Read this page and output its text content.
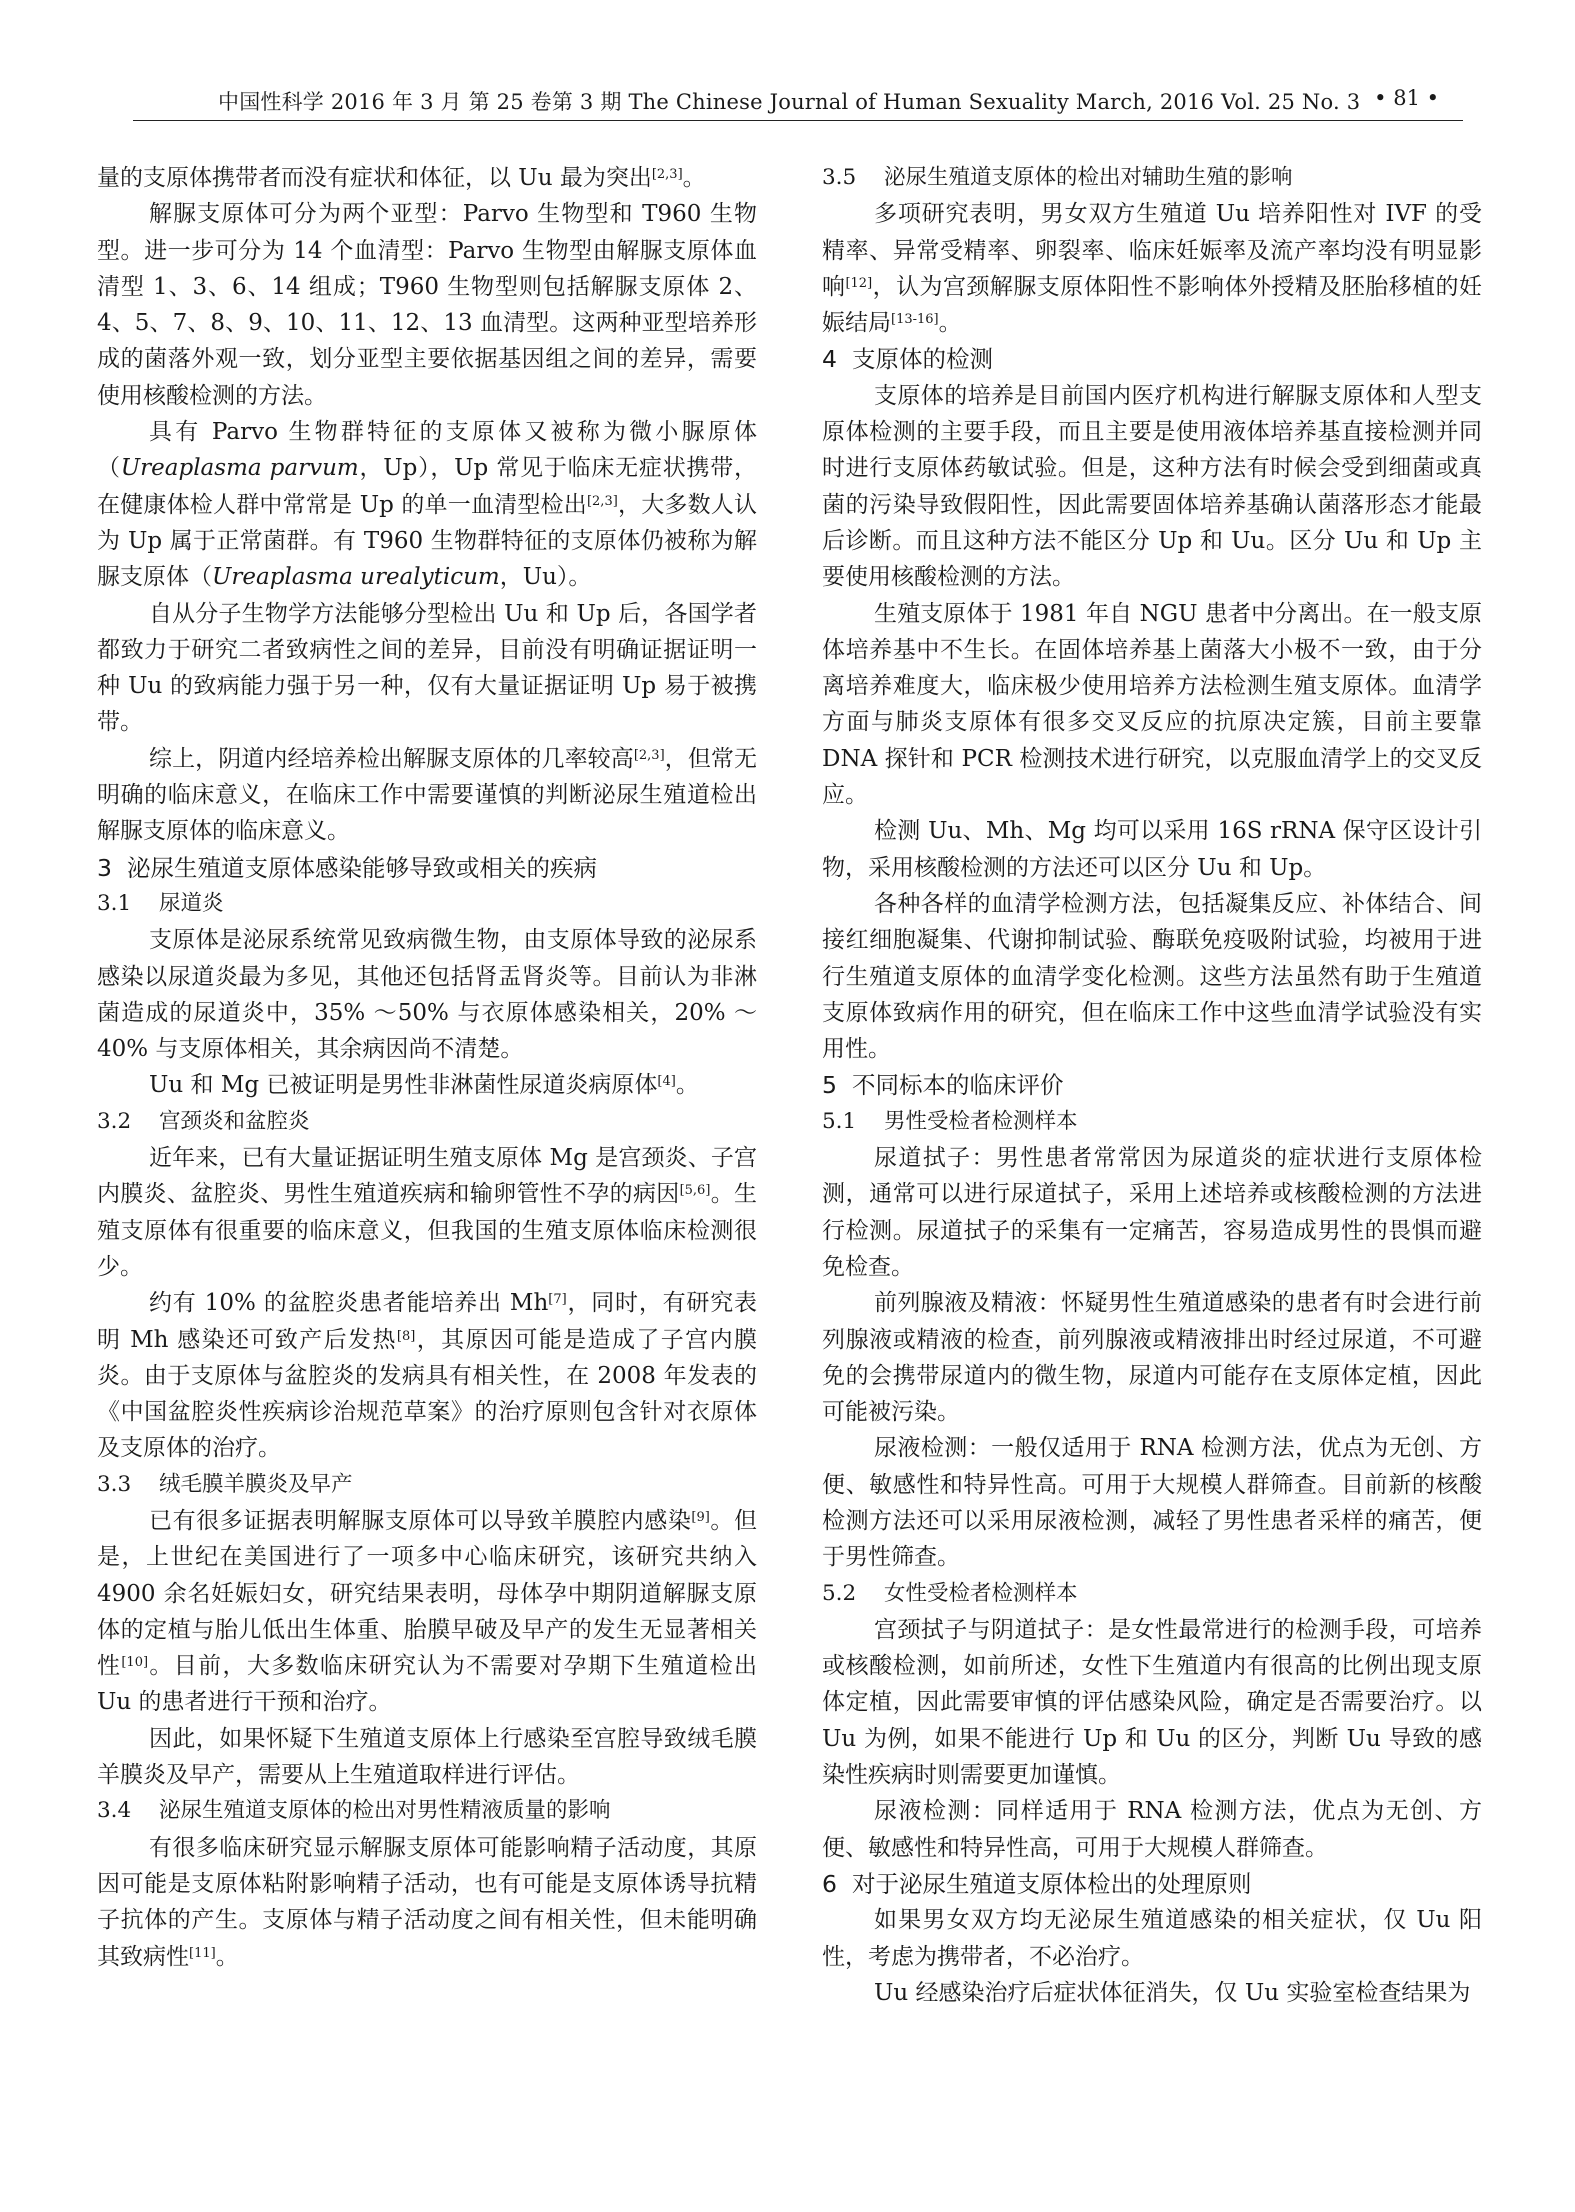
中国性科学 2016 年 3 月 第 25 卷第 3 期 The Chinese Journal of Human Sexuality March, 2016 Vol. 25 No. 3 • 81 •

量的支原体携带者而没有症状和体征，以 Uu 最为突出[2,3]。

解脲支原体可分为两个亚型：Parvo 生物型和 T960 生物型。进一步可分为 14 个血清型：Parvo 生物型由解脲支原体血清型 1、3、6、14 组成；T960 生物型则包括解脲支原体 2、4、5、7、8、9、10、11、12、13 血清型。这两种亚型培养形成的菌落外观一致，划分亚型主要依据基因组之间的差异，需要使用核酸检测的方法。

具有 Parvo 生物群特征的支原体又被称为微小脲原体（Ureaplasma parvum，Up），Up 常见于临床无症状携带，在健康体检人群中常常是 Up 的单一血清型检出[2,3]，大多数人认为 Up 属于正常菌群。有 T960 生物群特征的支原体仍被称为解脲支原体（Ureaplasma urealyticum，Uu）。

自从分子生物学方法能够分型检出 Uu 和 Up 后，各国学者都致力于研究二者致病性之间的差异，目前没有明确证据证明一种 Uu 的致病能力强于另一种，仅有大量证据证明 Up 易于被携带。

综上，阴道内经培养检出解脲支原体的几率较高[2,3]，但常无明确的临床意义，在临床工作中需要谨慎的判断泌尿生殖道检出解脲支原体的临床意义。

3 泌尿生殖道支原体感染能够导致或相关的疾病
3.1 尿道炎

支原体是泌尿系统常见致病微生物，由支原体导致的泌尿系感染以尿道炎最为多见，其他还包括肾盂肾炎等。目前认为非淋菌造成的尿道炎中，35% ～50% 与衣原体感染相关，20% ～40% 与支原体相关，其余病因尚不清楚。

Uu 和 Mg 已被证明是男性非淋菌性尿道炎病原体[4]。

3.2 宫颈炎和盆腔炎

近年来，已有大量证据证明生殖支原体 Mg 是宫颈炎、子宫内膜炎、盆腔炎、男性生殖道疾病和输卵管性不孕的病因[5,6]。生殖支原体有很重要的临床意义，但我国的生殖支原体临床检测很少。

约有 10% 的盆腔炎患者能培养出 Mh[7]，同时，有研究表明 Mh 感染还可致产后发热[8]，其原因可能是造成了子宫内膜炎。由于支原体与盆腔炎的发病具有相关性，在 2008 年发表的《中国盆腔炎性疾病诊治规范草案》的治疗原则包含针对衣原体及支原体的治疗。

3.3 绒毛膜羊膜炎及早产

已有很多证据表明解脲支原体可以导致羊膜腔内感染[9]。但是，上世纪在美国进行了一项多中心临床研究，该研究共纳入 4900 余名妊娠妇女，研究结果表明，母体孕中期阴道解脲支原体的定植与胎儿低出生体重、胎膜早破及早产的发生无显著相关性[10]。目前，大多数临床研究认为不需要对孕期下生殖道检出 Uu 的患者进行干预和治疗。

因此，如果怀疑下生殖道支原体上行感染至宫腔导致绒毛膜羊膜炎及早产，需要从上生殖道取样进行评估。

3.4 泌尿生殖道支原体的检出对男性精液质量的影响

有很多临床研究显示解脲支原体可能影响精子活动度，其原因可能是支原体粘附影响精子活动，也有可能是支原体诱导抗精子抗体的产生。支原体与精子活动度之间有相关性，但未能明确其致病性[11]。

3.5 泌尿生殖道支原体的检出对辅助生殖的影响

多项研究表明，男女双方生殖道 Uu 培养阳性对 IVF 的受精率、异常受精率、卵裂率、临床妊娠率及流产率均没有明显影响[12]，认为宫颈解脲支原体阳性不影响体外授精及胚胎移植的妊娠结局[13-16]。

4 支原体的检测

支原体的培养是目前国内医疗机构进行解脲支原体和人型支原体检测的主要手段，而且主要是使用液体培养基直接检测并同时进行支原体药敏试验。但是，这种方法有时候会受到细菌或真菌的污染导致假阳性，因此需要固体培养基确认菌落形态才能最后诊断。而且这种方法不能区分 Up 和 Uu。区分 Uu 和 Up 主要使用核酸检测的方法。

生殖支原体于 1981 年自 NGU 患者中分离出。在一般支原体培养基中不生长。在固体培养基上菌落大小极不一致，由于分离培养难度大，临床极少使用培养方法检测生殖支原体。血清学方面与肺炎支原体有很多交叉反应的抗原决定簇，目前主要靠 DNA 探针和 PCR 检测技术进行研究，以克服血清学上的交叉反应。

检测 Uu、Mh、Mg 均可以采用 16S rRNA 保守区设计引物，采用核酸检测的方法还可以区分 Uu 和 Up。

各种各样的血清学检测方法，包括凝集反应、补体结合、间接红细胞凝集、代谢抑制试验、酶联免疫吸附试验，均被用于进行生殖道支原体的血清学变化检测。这些方法虽然有助于生殖道支原体致病作用的研究，但在临床工作中这些血清学试验没有实用性。

5 不同标本的临床评价
5.1 男性受检者检测样本

尿道拭子：男性患者常常因为尿道炎的症状进行支原体检测，通常可以进行尿道拭子，采用上述培养或核酸检测的方法进行检测。尿道拭子的采集有一定痛苦，容易造成男性的畏惧而避免检查。

前列腺液及精液：怀疑男性生殖道感染的患者有时会进行前列腺液或精液的检查，前列腺液或精液排出时经过尿道，不可避免的会携带尿道内的微生物，尿道内可能存在支原体定植，因此可能被污染。

尿液检测：一般仅适用于 RNA 检测方法，优点为无创、方便、敏感性和特异性高。可用于大规模人群筛查。目前新的核酸检测方法还可以采用尿液检测，减轻了男性患者采样的痛苦，便于男性筛查。

5.2 女性受检者检测样本

宫颈拭子与阴道拭子：是女性最常进行的检测手段，可培养或核酸检测，如前所述，女性下生殖道内有很高的比例出现支原体定植，因此需要审慎的评估感染风险，确定是否需要治疗。以 Uu 为例，如果不能进行 Up 和 Uu 的区分，判断 Uu 导致的感染性疾病时则需要更加谨慎。

尿液检测：同样适用于 RNA 检测方法，优点为无创、方便、敏感性和特异性高，可用于大规模人群筛查。

6 对于泌尿生殖道支原体检出的处理原则

如果男女双方均无泌尿生殖道感染的相关症状，仅 Uu 阳性，考虑为携带者，不必治疗。

Uu 经感染治疗后症状体征消失，仅 Uu 实验室检查结果为
